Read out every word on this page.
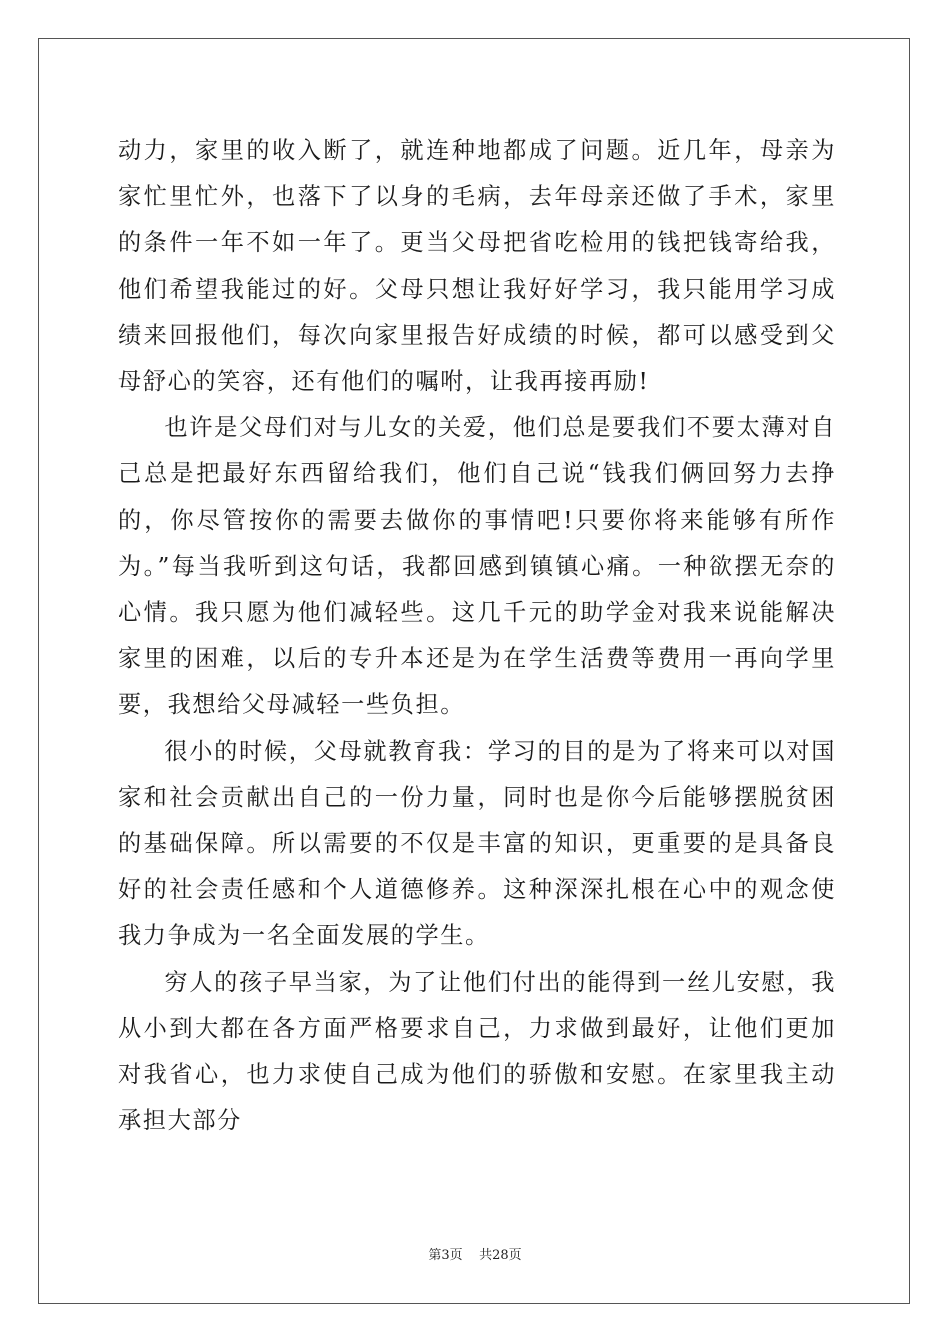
动力，家里的收入断了，就连种地都成了问题。近几年，母亲为家忙里忙外，也落下了以身的毛病，去年母亲还做了手术，家里的条件一年不如一年了。更当父母把省吃检用的钱把钱寄给我，他们希望我能过的好。父母只想让我好好学习，我只能用学习成绩来回报他们，每次向家里报告好成绩的时候，都可以感受到父母舒心的笑容，还有他们的嘱咐，让我再接再励!

也许是父母们对与儿女的关爱，他们总是要我们不要太薄对自己总是把最好东西留给我们，他们自己说“钱我们俩回努力去挣的，你尽管按你的需要去做你的事情吧!只要你将来能够有所作为。”每当我听到这句话，我都回感到镇镇心痛。一种欲摆无奈的心情。我只愿为他们减轻些。这几千元的助学金对我来说能解决家里的困难，以后的专升本还是为在学生活费等费用一再向学里要，我想给父母减轻一些负担。

很小的时候，父母就教育我：学习的目的是为了将来可以对国家和社会贡献出自己的一份力量，同时也是你今后能够摆脱贫困的基础保障。所以需要的不仅是丰富的知识，更重要的是具备良好的社会责任感和个人道德修养。这种深深扎根在心中的观念使我力争成为一名全面发展的学生。

穷人的孩子早当家，为了让他们付出的能得到一丝儿安慰，我从小到大都在各方面严格要求自己，力求做到最好，让他们更加对我省心，也力求使自己成为他们的骄傲和安慰。在家里我主动承担大部分

第3页 共28页
